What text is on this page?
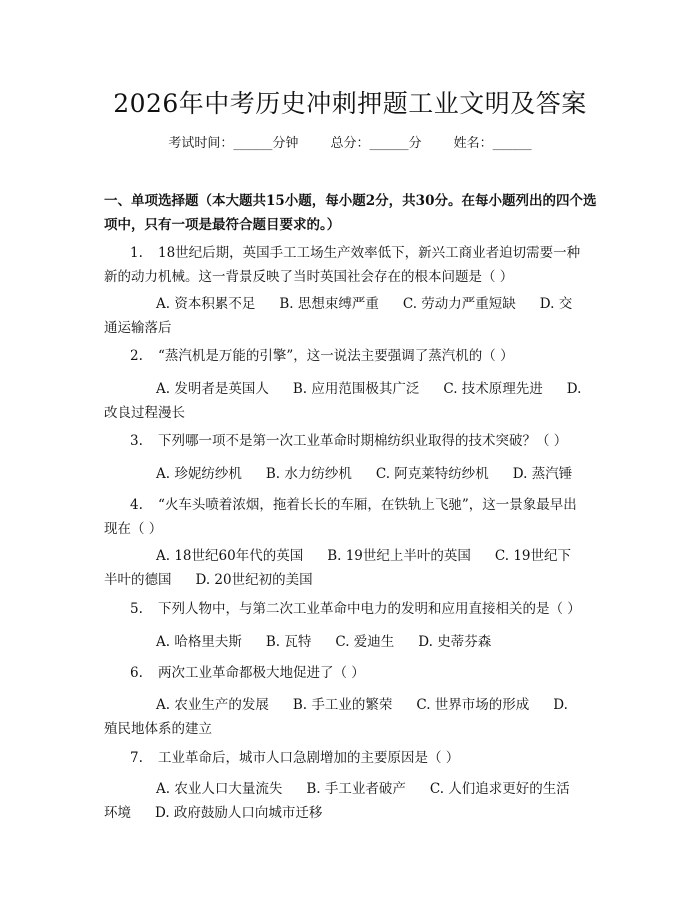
2026年中考历史冲刺押题工业文明及答案
考试时间：______分钟 总分：______分 姓名：______
一、单项选择题（本大题共15小题，每小题2分，共30分。在每小题列出的四个选项中，只有一项是最符合题目要求的。）
1. 18世纪后期，英国手工工场生产效率低下，新兴工商业者迫切需要一种
新的动力机械。这一背景反映了当时英国社会存在的根本问题是（ ）
A. 资本积累不足 B. 思想束缚严重 C. 劳动力严重短缺 D. 交
通运输落后
2. “蒸汽机是万能的引擎”，这一说法主要强调了蒸汽机的（ ）
A. 发明者是英国人 B. 应用范围极其广泛 C. 技术原理先进 D.
改良过程漫长
3. 下列哪一项不是第一次工业革命时期棉纺织业取得的技术突破？（ ）
A. 珍妮纺纱机 B. 水力纺纱机 C. 阿克莱特纺纱机 D. 蒸汽锤
4. “火车头喷着浓烟，拖着长长的车厢，在铁轨上飞驰”，这一景象最早出
现在（ ）
A. 18世纪60年代的英国 B. 19世纪上半叶的英国 C. 19世纪下
半叶的德国 D. 20世纪初的美国
5. 下列人物中，与第二次工业革命中电力的发明和应用直接相关的是（ ）
A. 哈格里夫斯 B. 瓦特 C. 爱迪生 D. 史蒂芬森
6. 两次工业革命都极大地促进了（ ）
A. 农业生产的发展 B. 手工业的繁荣 C. 世界市场的形成 D.
殖民地体系的建立
7. 工业革命后，城市人口急剧增加的主要原因是（ ）
A. 农业人口大量流失 B. 手工业者破产 C. 人们追求更好的生活
环境 D. 政府鼓励人口向城市迁移
